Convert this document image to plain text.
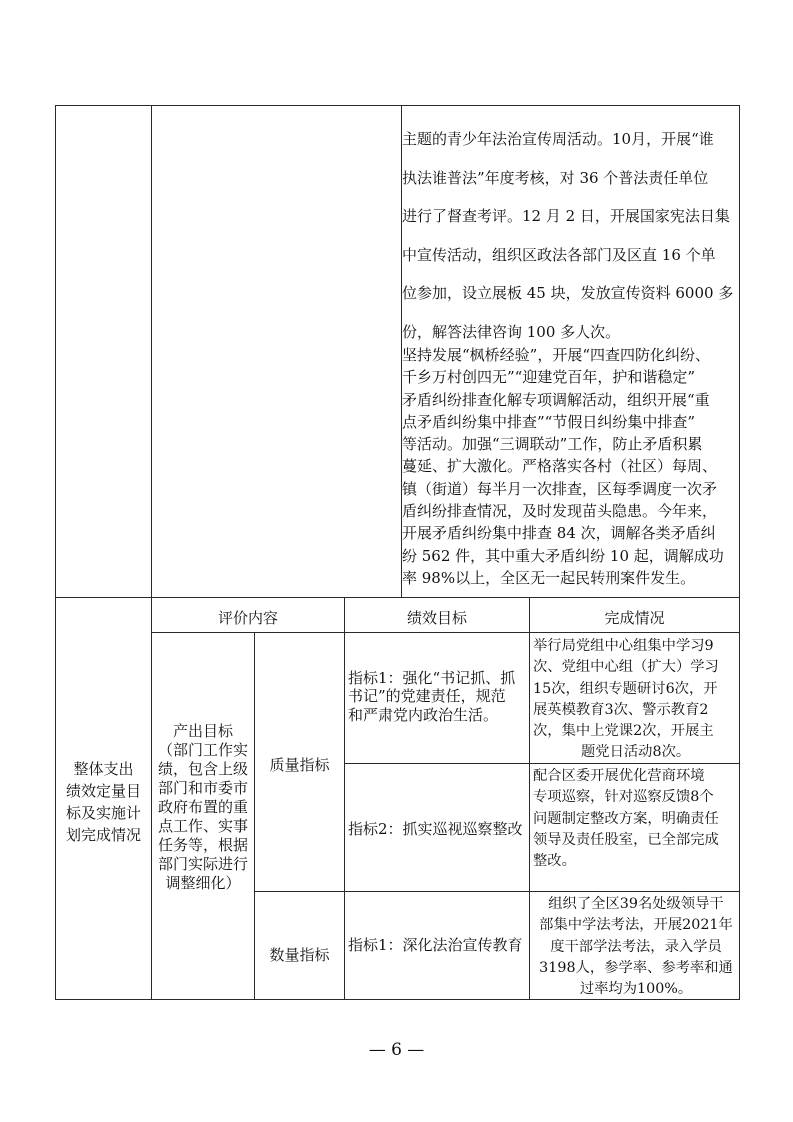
主题的青少年法治宣传周活动。10月，开展“谁
执法谁普法”年度考核，对 36 个普法责任单位
进行了督查考评。12 月 2 日，开展国家宪法日集
中宣传活动，组织区政法各部门及区直 16 个单
位参加，设立展板 45 块，发放宣传资料 6000 多
份，解答法律咨询 100 多人次。
坚持发展“枫桥经验”，开展“四查四防化纠纷、
千乡万村创四无”“迎建党百年，护和谐稳定”
矛盾纠纷排查化解专项调解活动，组织开展“重
点矛盾纠纷集中排查”“节假日纠纷集中排查”
等活动。加强“三调联动”工作，防止矛盾积累
蔓延、扩大激化。严格落实各村（社区）每周、
镇（街道）每半月一次排查，区每季调度一次矛
盾纠纷排查情况，及时发现苗头隐患。今年来，
开展矛盾纠纷集中排查 84 次，调解各类矛盾纠
纷 562 件，其中重大矛盾纠纷 10 起，调解成功
率 98%以上，全区无一起民转刑案件发生。
评价内容	绩效目标	完成情况
整体支出
绩效定量目
标及实施计
划完成情况
产出目标
（部门工作实
绩，包含上级
部门和市委市
政府布置的重
点工作、实事
任务等，根据
部门实际进行
调整细化）
质量指标
指标1：强化“书记抓、抓
书记”的党建责任，规范
和严肃党内政治生活。
举行局党组中心组集中学习9
次、党组中心组（扩大）学习
15次，组织专题研讨6次，开
展英模教育3次、警示教育2
次，集中上党课2次，开展主
题党日活动8次。
指标2：抓实巡视巡察整改
配合区委开展优化营商环境
专项巡察，针对巡察反馈8个
问题制定整改方案，明确责任
领导及责任股室，已全部完成
整改。
数量指标
指标1：深化法治宣传教育
组织了全区39名处级领导干
部集中学法考法，开展2021年
度干部学法考法，录入学员
3198人，参学率、参考率和通
过率均为100%。
— 6 —
